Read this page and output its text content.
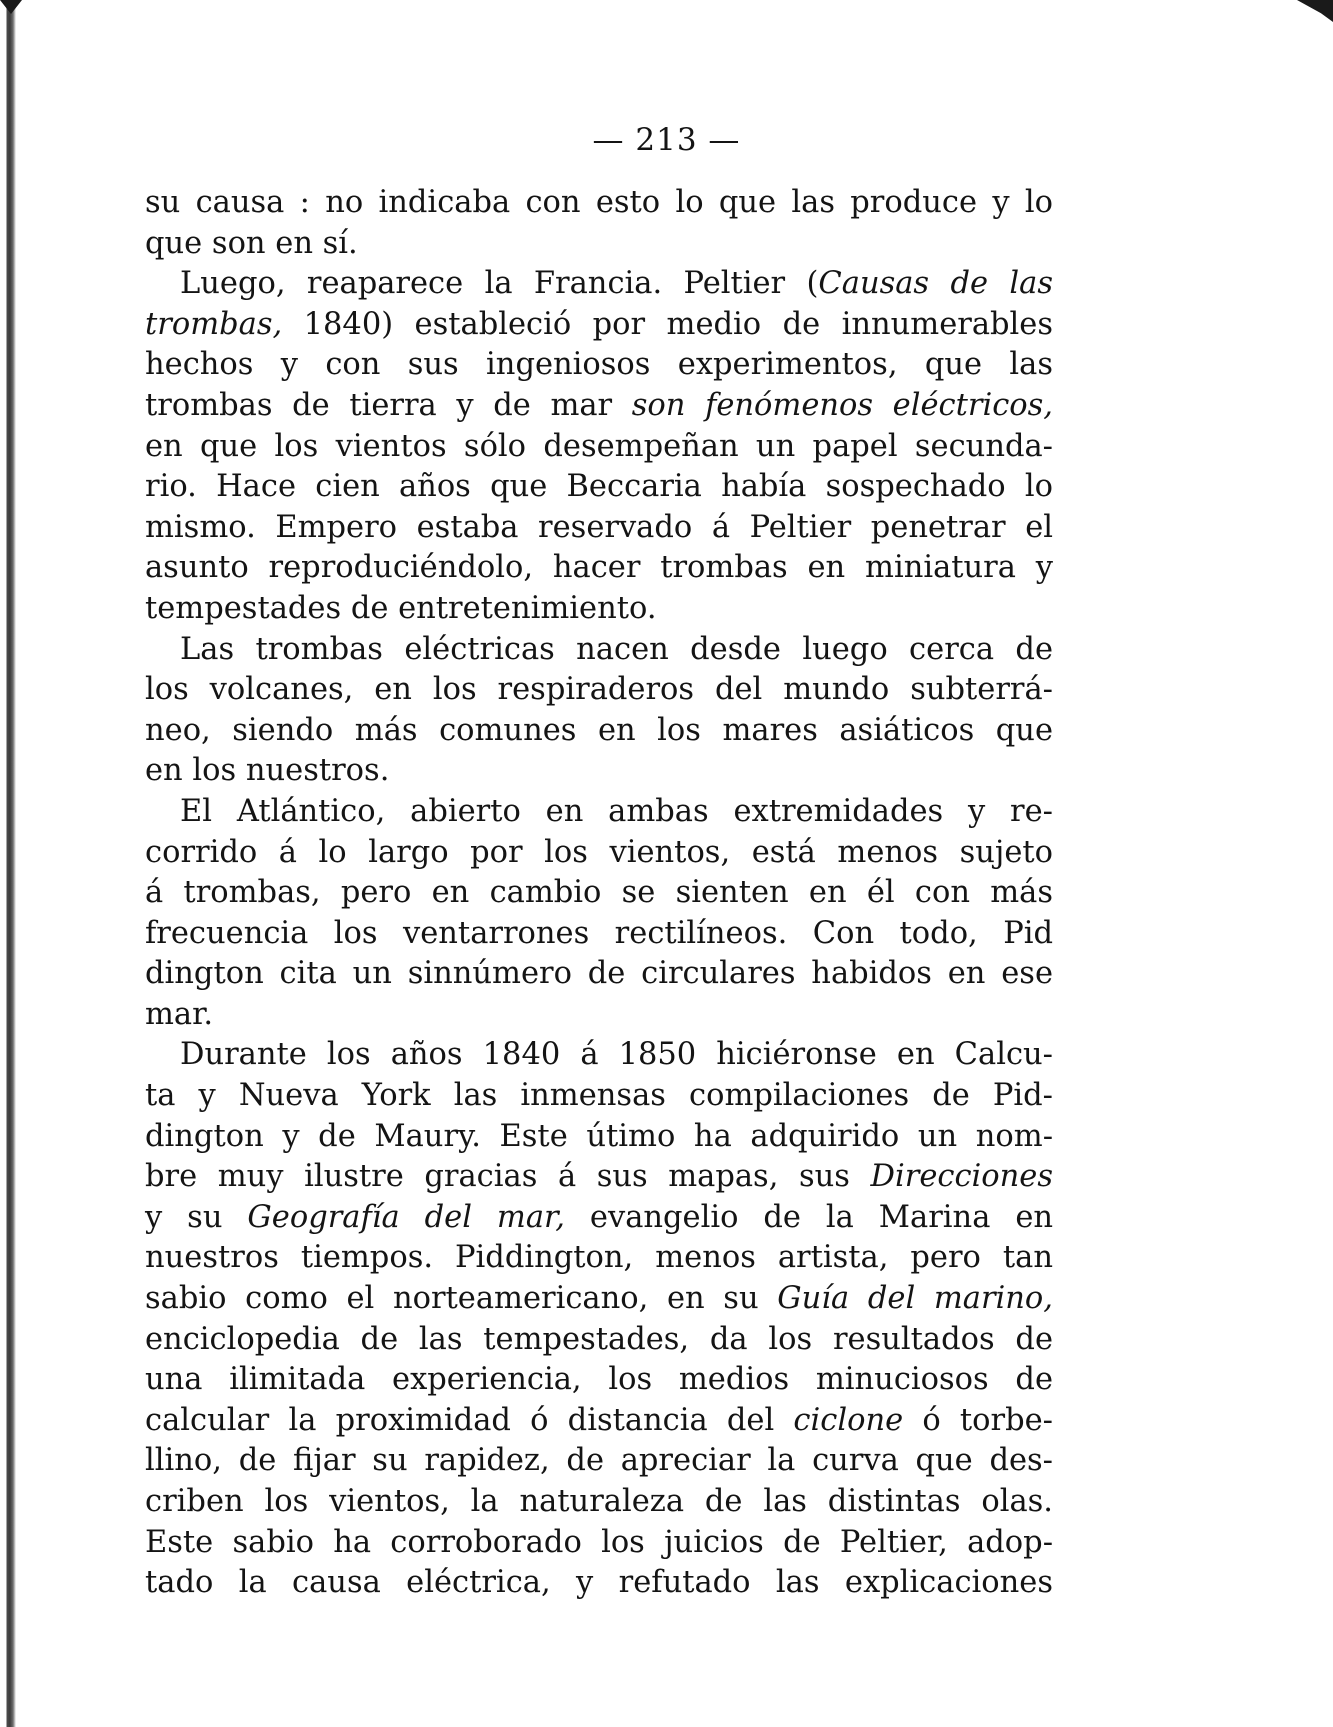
— 213 —
su causa : no indicaba con esto lo que las produce y lo
que son en sí.
Luego, reaparece la Francia. Peltier (Causas de las
trombas, 1840) estableció por medio de innumerables
hechos y con sus ingeniosos experimentos, que las
trombas de tierra y de mar son fenómenos eléctricos,
en que los vientos sólo desempeñan un papel secunda-
rio. Hace cien años que Beccaria había sospechado lo
mismo. Empero estaba reservado á Peltier penetrar el
asunto reproduciéndolo, hacer trombas en miniatura y
tempestades de entretenimiento.
Las trombas eléctricas nacen desde luego cerca de
los volcanes, en los respiraderos del mundo subterrá-
neo, siendo más comunes en los mares asiáticos que
en los nuestros.
El Atlántico, abierto en ambas extremidades y re-
corrido á lo largo por los vientos, está menos sujeto
á trombas, pero en cambio se sienten en él con más
frecuencia los ventarrones rectilíneos. Con todo, Pid
dington cita un sinnúmero de circulares habidos en ese
mar.
Durante los años 1840 á 1850 hiciéronse en Calcu-
ta y Nueva York las inmensas compilaciones de Pid-
dington y de Maury. Este útimo ha adquirido un nom-
bre muy ilustre gracias á sus mapas, sus Direcciones
y su Geografía del mar, evangelio de la Marina en
nuestros tiempos. Piddington, menos artista, pero tan
sabio como el norteamericano, en su Guía del marino,
enciclopedia de las tempestades, da los resultados de
una ilimitada experiencia, los medios minuciosos de
calcular la proximidad ó distancia del ciclone ó torbe-
llino, de fijar su rapidez, de apreciar la curva que des-
criben los vientos, la naturaleza de las distintas olas.
Este sabio ha corroborado los juicios de Peltier, adop-
tado la causa eléctrica, y refutado las explicaciones
